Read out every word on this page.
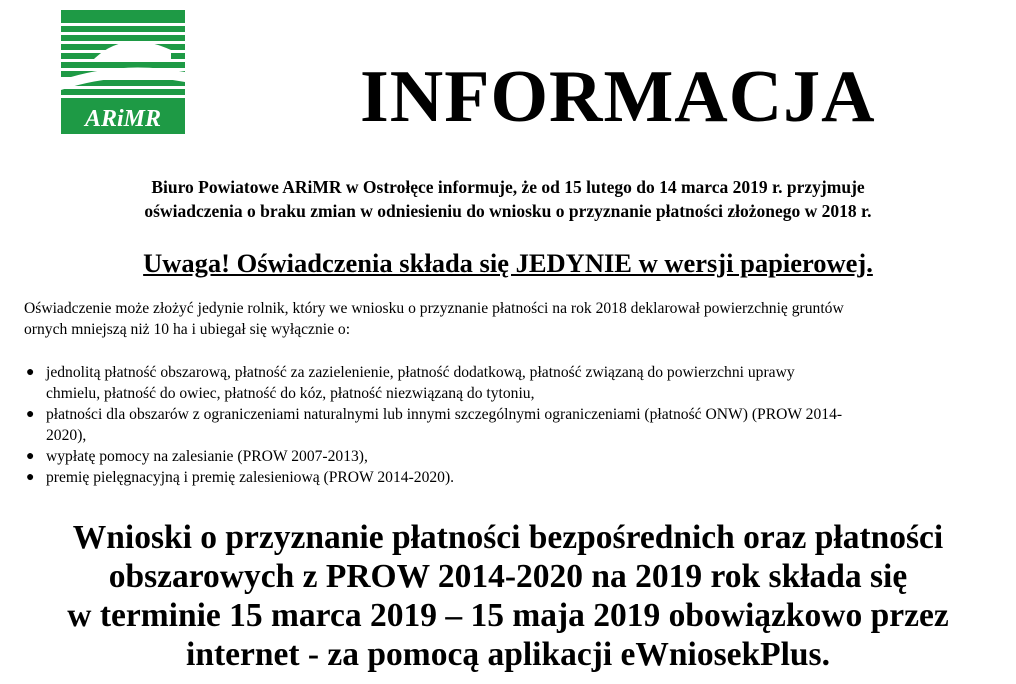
ARiMR	INFORMACJA
Biuro Powiatowe ARiMR w Ostrołęce informuje, że od 15 lutego do 14 marca 2019 r. przyjmuje
oświadczenia o braku zmian w odniesieniu do wniosku o przyznanie płatności złożonego w 2018 r.
Uwaga! Oświadczenia składa się JEDYNIE w wersji papierowej.
Oświadczenie może złożyć jedynie rolnik, który we wniosku o przyznanie płatności na rok 2018 deklarował powierzchnię gruntów
ornych mniejszą niż 10 ha i ubiegał się wyłącznie o:
● jednolitą płatność obszarową, płatność za zazielenienie, płatność dodatkową, płatność związaną do powierzchni uprawy
chmielu, płatność do owiec, płatność do kóz, płatność niezwiązaną do tytoniu,
● płatności dla obszarów z ograniczeniami naturalnymi lub innymi szczególnymi ograniczeniami (płatność ONW) (PROW 2014-
2020),
● wypłatę pomocy na zalesianie (PROW 2007-2013),
● premię pielęgnacyjną i premię zalesieniową (PROW 2014-2020).
Wnioski o przyznanie płatności bezpośrednich oraz płatności
obszarowych z PROW 2014-2020 na 2019 rok składa się
w terminie 15 marca 2019 – 15 maja 2019 obowiązkowo przez
internet - za pomocą aplikacji eWniosekPlus.
